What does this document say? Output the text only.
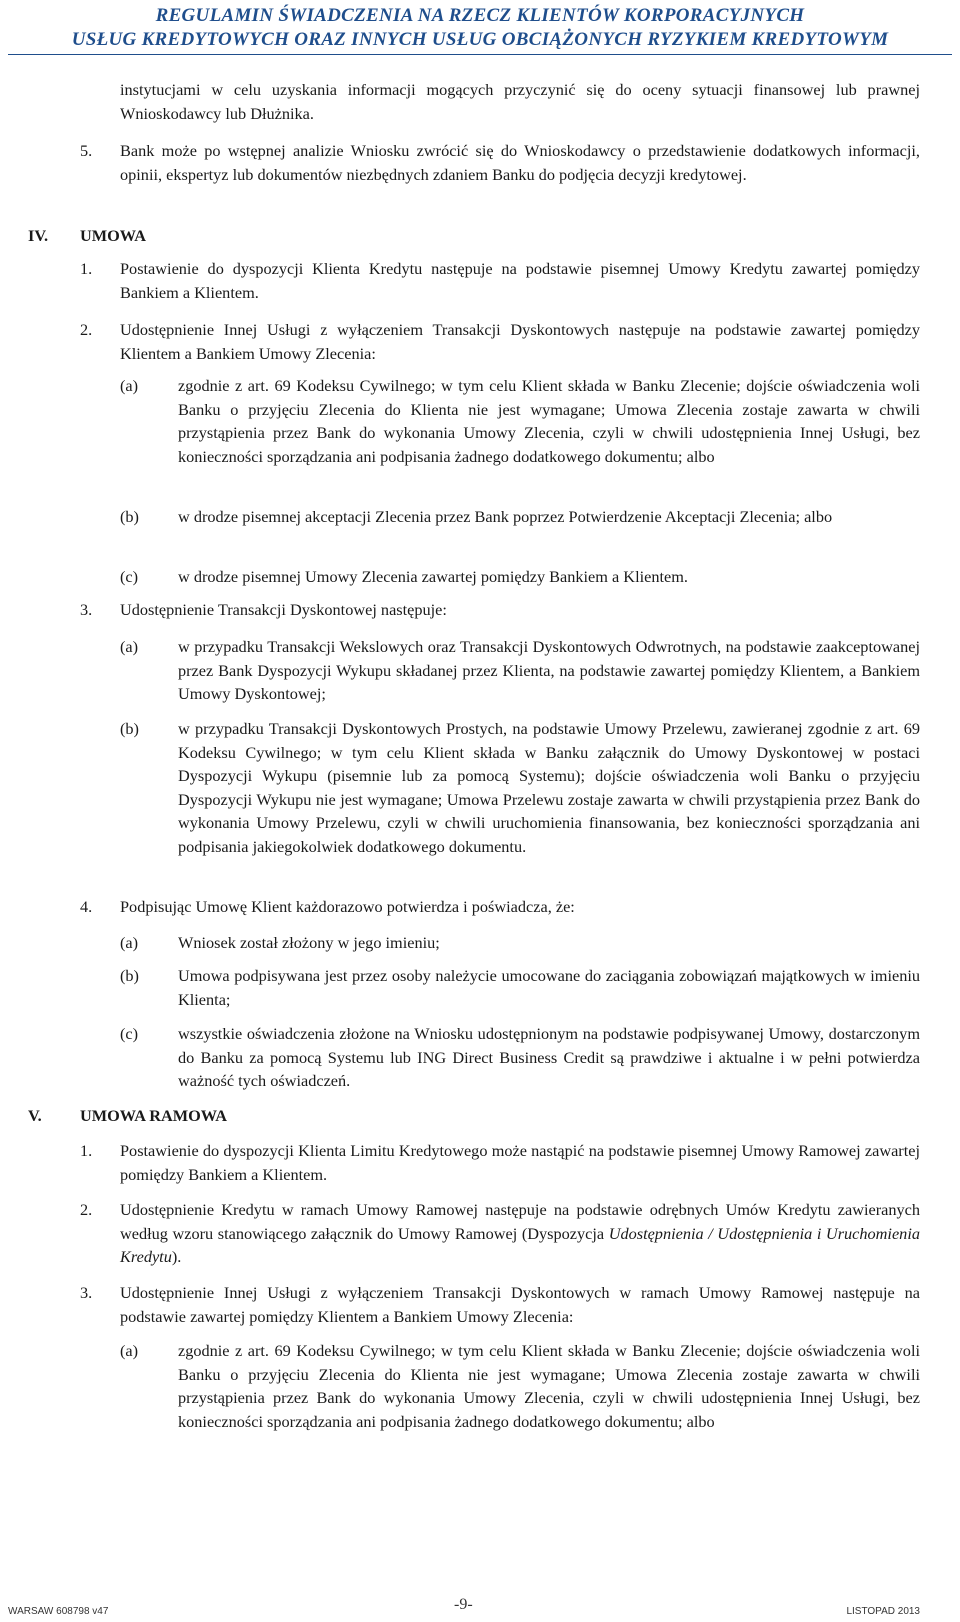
REGULAMIN ŚWIADCZENIA NA RZECZ KLIENTÓW KORPORACYJNYCH
USŁUG KREDYTOWYCH ORAZ INNYCH USŁUG OBCIĄŻONYCH RYZYKIEM KREDYTOWYM
instytucjami w celu uzyskania informacji mogących przyczynić się do oceny sytuacji finansowej lub prawnej Wnioskodawcy lub Dłużnika.
5. Bank może po wstępnej analizie Wniosku zwrócić się do Wnioskodawcy o przedstawienie dodatkowych informacji, opinii, ekspertyz lub dokumentów niezbędnych zdaniem Banku do podjęcia decyzji kredytowej.
IV. UMOWA
1. Postawienie do dyspozycji Klienta Kredytu następuje na podstawie pisemnej Umowy Kredytu zawartej pomiędzy Bankiem a Klientem.
2. Udostępnienie Innej Usługi z wyłączeniem Transakcji Dyskontowych następuje na podstawie zawartej pomiędzy Klientem a Bankiem Umowy Zlecenia:
(a) zgodnie z art. 69 Kodeksu Cywilnego; w tym celu Klient składa w Banku Zlecenie; dojście oświadczenia woli Banku o przyjęciu Zlecenia do Klienta nie jest wymagane; Umowa Zlecenia zostaje zawarta w chwili przystąpienia przez Bank do wykonania Umowy Zlecenia, czyli w chwili udostępnienia Innej Usługi, bez konieczności sporządzania ani podpisania żadnego dodatkowego dokumentu; albo
(b) w drodze pisemnej akceptacji Zlecenia przez Bank poprzez Potwierdzenie Akceptacji Zlecenia; albo
(c) w drodze pisemnej Umowy Zlecenia zawartej pomiędzy Bankiem a Klientem.
3. Udostępnienie Transakcji Dyskontowej następuje:
(a) w przypadku Transakcji Wekslowych oraz Transakcji Dyskontowych Odwrotnych, na podstawie zaakceptowanej przez Bank Dyspozycji Wykupu składanej przez Klienta, na podstawie zawartej pomiędzy Klientem, a Bankiem Umowy Dyskontowej;
(b) w przypadku Transakcji Dyskontowych Prostych, na podstawie Umowy Przelewu, zawieranej zgodnie z art. 69 Kodeksu Cywilnego; w tym celu Klient składa w Banku załącznik do Umowy Dyskontowej w postaci Dyspozycji Wykupu (pisemnie lub za pomocą Systemu); dojście oświadczenia woli Banku o przyjęciu Dyspozycji Wykupu nie jest wymagane; Umowa Przelewu zostaje zawarta w chwili przystąpienia przez Bank do wykonania Umowy Przelewu, czyli w chwili uruchomienia finansowania, bez konieczności sporządzania ani podpisania jakiegokolwiek dodatkowego dokumentu.
4. Podpisując Umowę Klient każdorazowo potwierdza i poświadcza, że:
(a) Wniosek został złożony w jego imieniu;
(b) Umowa podpisywana jest przez osoby należycie umocowane do zaciągania zobowiązań majątkowych w imieniu Klienta;
(c) wszystkie oświadczenia złożone na Wniosku udostępnionym na podstawie podpisywanej Umowy, dostarczonym do Banku za pomocą Systemu lub ING Direct Business Credit są prawdziwe i aktualne i w pełni potwierdza ważność tych oświadczeń.
V. UMOWA RAMOWA
1. Postawienie do dyspozycji Klienta Limitu Kredytowego może nastąpić na podstawie pisemnej Umowy Ramowej zawartej pomiędzy Bankiem a Klientem.
2. Udostępnienie Kredytu w ramach Umowy Ramowej następuje na podstawie odrębnych Umów Kredytu zawieranych według wzoru stanowiącego załącznik do Umowy Ramowej (Dyspozycja Udostępnienia / Udostępnienia i Uruchomienia Kredytu).
3. Udostępnienie Innej Usługi z wyłączeniem Transakcji Dyskontowych w ramach Umowy Ramowej następuje na podstawie zawartej pomiędzy Klientem a Bankiem Umowy Zlecenia:
(a) zgodnie z art. 69 Kodeksu Cywilnego; w tym celu Klient składa w Banku Zlecenie; dojście oświadczenia woli Banku o przyjęciu Zlecenia do Klienta nie jest wymagane; Umowa Zlecenia zostaje zawarta w chwili przystąpienia przez Bank do wykonania Umowy Zlecenia, czyli w chwili udostępnienia Innej Usługi, bez konieczności sporządzania ani podpisania żadnego dodatkowego dokumentu; albo
WARSAW 608798 v47	-9-	LISTOPAD 2013
